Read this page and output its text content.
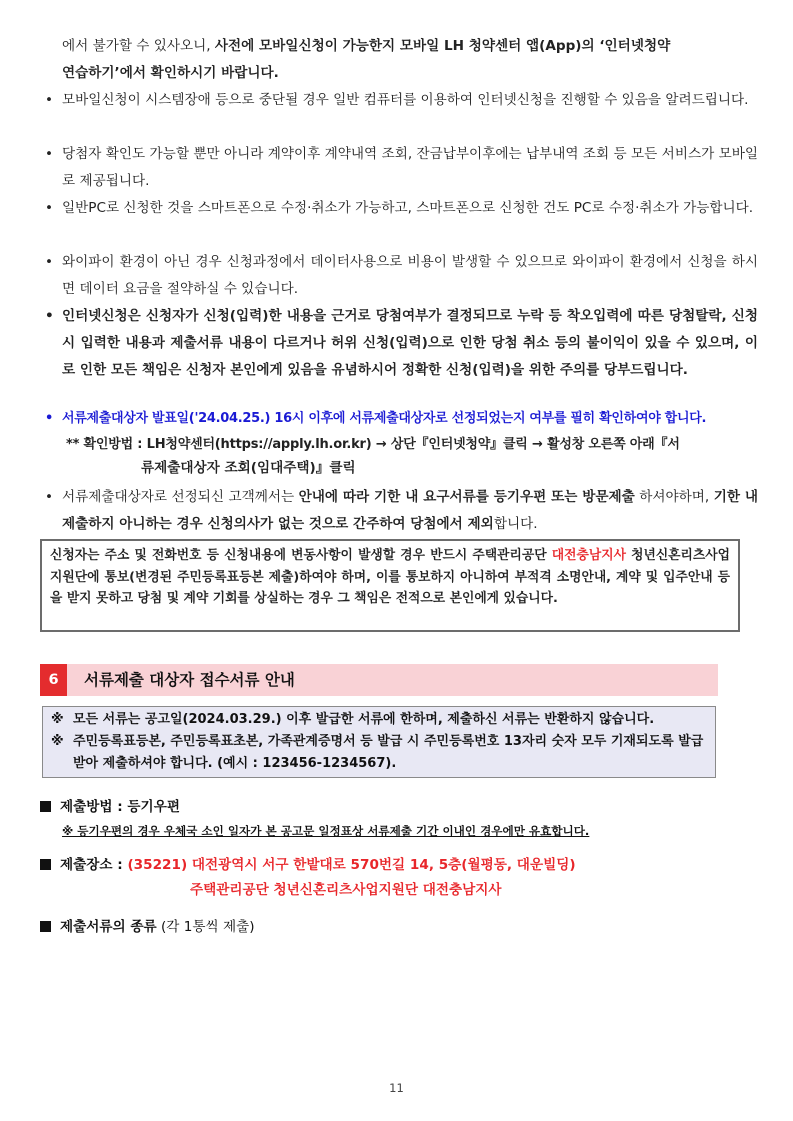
에서 불가할 수 있사오니, 사전에 모바일신청이 가능한지 모바일 LH 청약센터 앱(App)의 ‘인터넷청약
연습하기’에서 확인하시기 바랍니다.

• 모바일신청이 시스템장애 등으로 중단될 경우 일반 컴퓨터를 이용하여 인터넷신청을 진행할 수 있음을 알려드립니다.
• 당첨자 확인도 가능할 뿐만 아니라 계약이후 계약내역 조회, 잔금납부이후에는 납부내역 조회 등 모든 서비스가 모바일로 제공됩니다.
• 일반PC로 신청한 것을 스마트폰으로 수정·취소가 가능하고, 스마트폰으로 신청한 건도 PC로 수정·취소가 가능합니다.
• 와이파이 환경이 아닌 경우 신청과정에서 데이터사용으로 비용이 발생할 수 있으므로 와이파이 환경에서 신청을 하시면 데이터 요금을 절약하실 수 있습니다.
• 인터넷신청은 신청자가 신청(입력)한 내용을 근거로 당첨여부가 결정되므로 누락 등 착오입력에 따른 당첨탈락, 신청 시 입력한 내용과 제출서류 내용이 다르거나 허위 신청(입력)으로 인한 당첨 취소 등의 불이익이 있을 수 있으며, 이로 인한 모든 책임은 신청자 본인에게 있음을 유념하시어 정확한 신청(입력)을 위한 주의를 당부드립니다.
• 서류제출대상자 발표일('24.04.25.) 16시 이후에 서류제출대상자로 선정되었는지 여부를 필히 확인하여야 합니다.
** 확인방법 : LH청약센터(https://apply.lh.or.kr) → 상단『인터넷청약』클릭 → 활성창 오른쪽 아래『서
류제출대상자 조회(임대주택)』클릭
• 서류제출대상자로 선정되신 고객께서는 안내에 따라 기한 내 요구서류를 등기우편 또는 방문제출 하셔야하며, 기한 내 제출하지 아니하는 경우 신청의사가 없는 것으로 간주하여 당첨에서 제외합니다.
신청자는 주소 및 전화번호 등 신청내용에 변동사항이 발생할 경우 반드시 주택관리공단 대전충남지사 청년신혼리츠사업지원단에 통보(변경된 주민등록표등본 제출)하여야 하며, 이를 통보하지 아니하여 부적격 소명안내, 계약 및 입주안내 등을 받지 못하고 당첨 및 계약 기회를 상실하는 경우 그 책임은 전적으로 본인에게 있습니다.
6	서류제출 대상자 접수서류 안내
※ 모든 서류는 공고일(2024.03.29.) 이후 발급한 서류에 한하며, 제출하신 서류는 반환하지 않습니다.
※ 주민등록표등본, 주민등록표초본, 가족관계증명서 등 발급 시 주민등록번호 13자리 숫자 모두 기재되도록 발급받아 제출하셔야 합니다. (예시 : 123456-1234567).
제출방법 : 등기우편
※ 등기우편의 경우 우체국 소인 일자가 본 공고문 일정표상 서류제출 기간 이내인 경우에만 유효합니다.
제출장소 : (35221) 대전광역시 서구 한밭대로 570번길 14, 5층(월평동, 대운빌딩)
주택관리공단 청년신혼리츠사업지원단 대전충남지사
제출서류의 종류 (각 1통씩 제출)
11
